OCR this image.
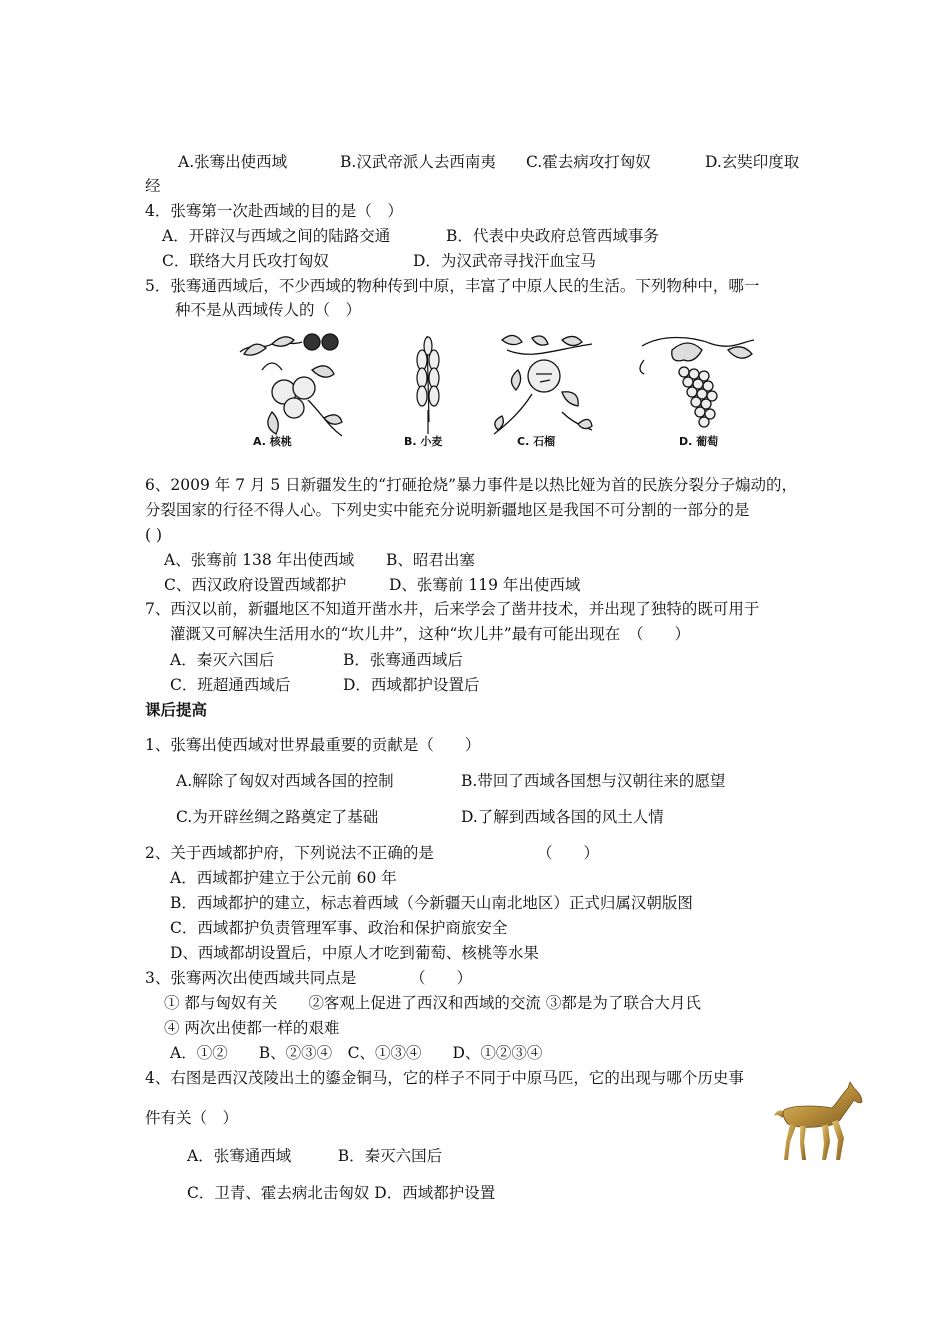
A.张骞出使西域	B.汉武帝派人去西南夷 C.霍去病攻打匈奴	D.玄奘印度取
经
4．张骞第一次赴西域的目的是（　）
A．开辟汉与西域之间的陆路交通	B．代表中央政府总管西域事务
C．联络大月氏攻打匈奴	D．为汉武帝寻找汗血宝马
5．张骞通西域后，不少西域的物种传到中原，丰富了中原人民的生活。下列物种中，哪一
种不是从西域传人的（　）
A. 核桃	B. 小麦	C. 石榴	D. 葡萄
6、2009 年 7 月 5 日新疆发生的“打砸抢烧”暴力事件是以热比娅为首的民族分裂分子煽动的，
分裂国家的行径不得人心。下列史实中能充分说明新疆地区是我国不可分割的一部分的是
( )
A、张骞前 138 年出使西域 B、昭君出塞
C、西汉政府设置西域都护	D、张骞前 119 年出使西域
7、西汉以前，新疆地区不知道开凿水井，后来学会了凿井技术，并出现了独特的既可用于
灌溉又可解决生活用水的“坎儿井”，这种“坎儿井”最有可能出现在　（　　）
A．秦灭六国后	B．张骞通西域后
C．班超通西域后	D．西域都护设置后
课后提高
1、张骞出使西域对世界最重要的贡献是（　　）
A.解除了匈奴对西域各国的控制	B.带回了西域各国想与汉朝往来的愿望
C.为开辟丝绸之路奠定了基础	D.了解到西域各国的风土人情
2、关于西域都护府，下列说法不正确的是	（　　）
A．西域都护建立于公元前 60 年
B．西域都护的建立，标志着西域（今新疆天山南北地区）正式归属汉朝版图
C．西域都护负责管理军事、政治和保护商旅安全
D、西域都胡设置后，中原人才吃到葡萄、核桃等水果
3、张骞两次出使西域共同点是	（　　）
① 都与匈奴有关　　②客观上促进了西汉和西域的交流 ③都是为了联合大月氏
④ 两次出使都一样的艰难
A．①②　　B、②③④　C、①③④　　D、①②③④
4、右图是西汉茂陵出土的鎏金铜马，它的样子不同于中原马匹，它的出现与哪个历史事
件有关（　）
A．张骞通西域　　　B．秦灭六国后
C．卫青、霍去病北击匈奴 D．西域都护设置
